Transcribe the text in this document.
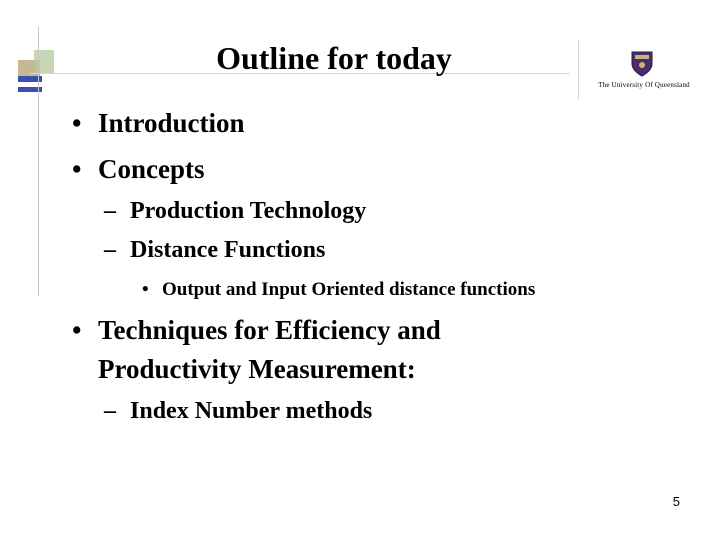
Outline for today
The University Of Queensland
• Introduction
• Concepts
– Production Technology
– Distance Functions
• Output and Input Oriented distance functions
• Techniques for Efficiency and
Productivity Measurement:
– Index Number methods
5
